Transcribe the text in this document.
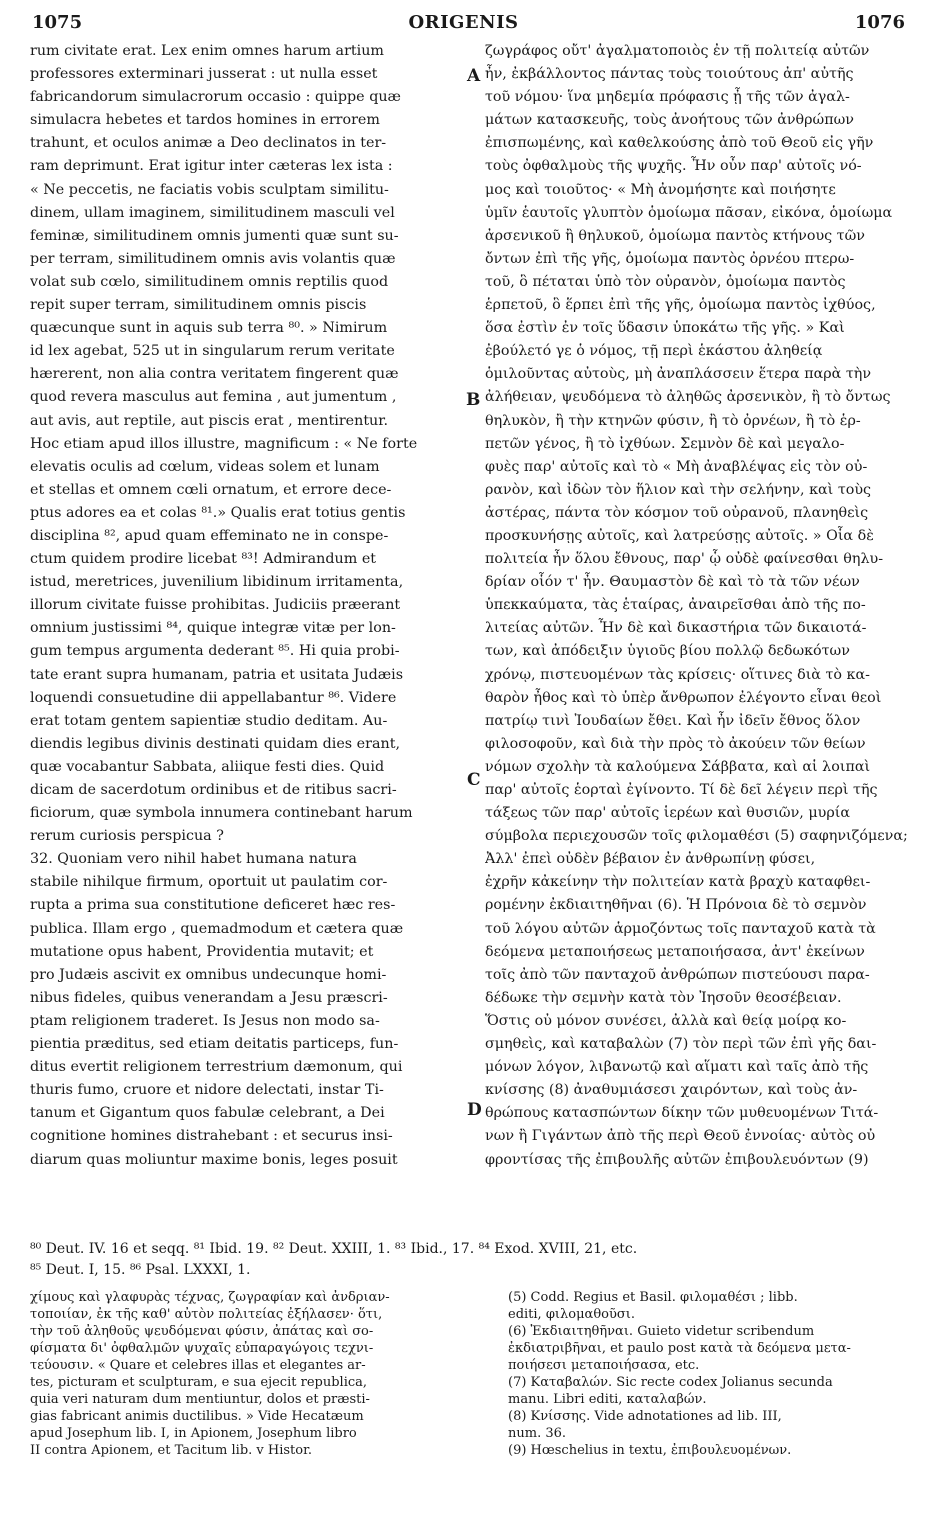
1075	ORIGENIS	1076
rum civitate erat. Lex enim omnes harum artium
professores exterminari jusserat : ut nulla esset
fabricandorum simulacrorum occasio : quippe quæ
simulacra hebetes et tardos homines in errorem
trahunt, et oculos animæ a Deo declinatos in ter-
ram deprimunt. Erat igitur inter cæteras lex ista :
« Ne peccetis, ne faciatis vobis sculptam similitu-
dinem, ullam imaginem, similitudinem masculi vel
feminæ, similitudinem omnis jumenti quæ sunt su-
per terram, similitudinem omnis avis volantis quæ
volat sub cœlo, similitudinem omnis reptilis quod
repit super terram, similitudinem omnis piscis
quæcunque sunt in aquis sub terra ⁸⁰. » Nimirum
id lex agebat, 525 ut in singularum rerum veritate
hærerent, non alia contra veritatem fingerent quæ
quod revera masculus aut femina , aut jumentum ,
aut avis, aut reptile, aut piscis erat , mentirentur.
Hoc etiam apud illos illustre, magnificum : « Ne forte
elevatis oculis ad cœlum, videas solem et lunam
et stellas et omnem cœli ornatum, et errore dece-
ptus adores ea et colas ⁸¹.» Qualis erat totius gentis
disciplina ⁸², apud quam effeminato ne in conspe-
ctum quidem prodire licebat ⁸³! Admirandum et
istud, meretrices, juvenilium libidinum irritamenta,
illorum civitate fuisse prohibitas. Judiciis præerant
omnium justissimi ⁸⁴, quique integræ vitæ per lon-
gum tempus argumenta dederant ⁸⁵. Hi quia probi-
tate erant supra humanam, patria et usitata Judæis
loquendi consuetudine dii appellabantur ⁸⁶. Videre
erat totam gentem sapientiæ studio deditam. Au-
diendis legibus divinis destinati quidam dies erant,
quæ vocabantur Sabbata, aliique festi dies. Quid
dicam de sacerdotum ordinibus et de ritibus sacri-
ficiorum, quæ symbola innumera continebant harum
rerum curiosis perspicua ?
32. Quoniam vero nihil habet humana natura
stabile nihilque firmum, oportuit ut paulatim cor-
rupta a prima sua constitutione deficeret hæc res-
publica. Illam ergo , quemadmodum et cætera quæ
mutatione opus habent, Providentia mutavit; et
pro Judæis ascivit ex omnibus undecunque homi-
nibus fideles, quibus venerandam a Jesu præscri-
ptam religionem traderet. Is Jesus non modo sa-
pientia præditus, sed etiam deitatis particeps, fun-
ditus evertit religionem terrestrium dæmonum, qui
thuris fumo, cruore et nidore delectati, instar Ti-
tanum et Gigantum quos fabulæ celebrant, a Dei
cognitione homines distrahebant : et securus insi-
diarum quas moliuntur maxime bonis, leges posuit
ζωγράφος οὔτ' ἀγαλματοποιὸς ἐν τῇ πολιτείᾳ αὐτῶν
ἦν, ἐκβάλλοντος πάντας τοὺς τοιούτους ἀπ' αὐτῆς
τοῦ νόμου· ἵνα μηδεμία πρόφασις ᾖ τῆς τῶν ἀγαλ-
μάτων κατασκευῆς, τοὺς ἀνοήτους τῶν ἀνθρώπων
ἐπισπωμένης, καὶ καθελκούσης ἀπὸ τοῦ Θεοῦ εἰς γῆν
τοὺς ὀφθαλμοὺς τῆς ψυχῆς. Ἦν οὖν παρ' αὐτοῖς νό-
μος καὶ τοιοῦτος· « Μὴ ἀνομήσητε καὶ ποιήσητε
ὑμῖν ἑαυτοῖς γλυπτὸν ὁμοίωμα πᾶσαν, εἰκόνα, ὁμοίωμα
ἀρσενικοῦ ἢ θηλυκοῦ, ὁμοίωμα παντὸς κτήνους τῶν
ὄντων ἐπὶ τῆς γῆς, ὁμοίωμα παντὸς ὀρνέου πτερω-
τοῦ, ὃ πέταται ὑπὸ τὸν οὐρανὸν, ὁμοίωμα παντὸς
ἑρπετοῦ, ὃ ἕρπει ἐπὶ τῆς γῆς, ὁμοίωμα παντὸς ἰχθύος,
ὅσα ἐστὶν ἐν τοῖς ὕδασιν ὑποκάτω τῆς γῆς. » Καὶ
ἐβούλετό γε ὁ νόμος, τῇ περὶ ἑκάστου ἀληθείᾳ
ὁμιλοῦντας αὐτοὺς, μὴ ἀναπλάσσειν ἕτερα παρὰ τὴν
ἀλήθειαν, ψευδόμενα τὸ ἀληθῶς ἀρσενικὸν, ἢ τὸ ὄντως
θηλυκὸν, ἢ τὴν κτηνῶν φύσιν, ἢ τὸ ὀρνέων, ἢ τὸ ἑρ-
πετῶν γένος, ἢ τὸ ἰχθύων. Σεμνὸν δὲ καὶ μεγαλο-
φυὲς παρ' αὐτοῖς καὶ τὸ « Μὴ ἀναβλέψας εἰς τὸν οὐ-
ρανὸν, καὶ ἰδὼν τὸν ἥλιον καὶ τὴν σελήνην, καὶ τοὺς
ἀστέρας, πάντα τὸν κόσμον τοῦ οὐρανοῦ, πλανηθεὶς
προσκυνήσῃς αὐτοῖς, καὶ λατρεύσῃς αὐτοῖς. » Οἷα δὲ
πολιτεία ἦν ὅλου ἔθνους, παρ' ᾧ οὐδὲ φαίνεσθαι θηλυ-
δρίαν οἷόν τ' ἦν. Θαυμαστὸν δὲ καὶ τὸ τὰ τῶν νέων
ὑπεκκαύματα, τὰς ἑταίρας, ἀναιρεῖσθαι ἀπὸ τῆς πο-
λιτείας αὐτῶν. Ἦν δὲ καὶ δικαστήρια τῶν δικαιοτά-
των, καὶ ἀπόδειξιν ὑγιοῦς βίου πολλῷ δεδωκότων
χρόνῳ, πιστευομένων τὰς κρίσεις· οἵτινες διὰ τὸ κα-
θαρὸν ἦθος καὶ τὸ ὑπὲρ ἄνθρωπον ἐλέγοντο εἶναι θεοὶ
πατρίῳ τινὶ Ἰουδαίων ἔθει. Καὶ ἦν ἰδεῖν ἔθνος ὅλον
φιλοσοφοῦν, καὶ διὰ τὴν πρὸς τὸ ἀκούειν τῶν θείων
νόμων σχολὴν τὰ καλούμενα Σάββατα, καὶ αἱ λοιπαὶ
παρ' αὐτοῖς ἑορταὶ ἐγίνοντο. Τί δὲ δεῖ λέγειν περὶ τῆς
τάξεως τῶν παρ' αὐτοῖς ἱερέων καὶ θυσιῶν, μυρία
σύμβολα περιεχουσῶν τοῖς φιλομαθέσι (5) σαφηνιζόμενα;
Ἀλλ' ἐπεὶ οὐδὲν βέβαιον ἐν ἀνθρωπίνῃ φύσει,
ἐχρῆν κἀκείνην τὴν πολιτείαν κατὰ βραχὺ καταφθει-
ρομένην ἐκδιαιτηθῆναι (6). Ἡ Πρόνοια δὲ τὸ σεμνὸν
τοῦ λόγου αὐτῶν ἁρμοζόντως τοῖς πανταχοῦ κατὰ τὰ
δεόμενα μεταποιήσεως μεταποιήσασα, ἀντ' ἐκείνων
τοῖς ἀπὸ τῶν πανταχοῦ ἀνθρώπων πιστεύουσι παρα-
δέδωκε τὴν σεμνὴν κατὰ τὸν Ἰησοῦν θεοσέβειαν.
Ὅστις οὐ μόνον συνέσει, ἀλλὰ καὶ θείᾳ μοίρᾳ κο-
σμηθεὶς, καὶ καταβαλὼν (7) τὸν περὶ τῶν ἐπὶ γῆς δαι-
μόνων λόγον, λιβανωτῷ καὶ αἵματι καὶ ταῖς ἀπὸ τῆς
κνίσσης (8) ἀναθυμιάσεσι χαιρόντων, καὶ τοὺς ἀν-
θρώπους κατασπώντων δίκην τῶν μυθευομένων Τιτά-
νων ἢ Γιγάντων ἀπὸ τῆς περὶ Θεοῦ ἐννοίας· αὐτὸς οὐ
φροντίσας τῆς ἐπιβουλῆς αὐτῶν ἐπιβουλευόντων (9)
A
B
C
D
⁸⁰ Deut. IV. 16 et seqq. ⁸¹ Ibid. 19. ⁸² Deut. XXIII, 1. ⁸³ Ibid., 17. ⁸⁴ Exod. XVIII, 21, etc.
⁸⁵ Deut. I, 15. ⁸⁶ Psal. LXXXI, 1.
χίμους καὶ γλαφυρὰς τέχνας, ζωγραφίαν καὶ ἀνδριαν-
τοποιίαν, ἐκ τῆς καθ' αὐτὸν πολιτείας ἐξήλασεν· ὅτι,
τὴν τοῦ ἀληθοῦς ψευδόμεναι φύσιν, ἀπάτας καὶ σο-
φίσματα δι' ὀφθαλμῶν ψυχαῖς εὐπαραγώγοις τεχνι-
τεύουσιν. « Quare et celebres illas et elegantes ar-
tes, picturam et sculpturam, e sua ejecit republica,
quia veri naturam dum mentiuntur, dolos et præsti-
gias fabricant animis ductilibus. » Vide Hecatæum
apud Josephum lib. I, in Apionem, Josephum libro
II contra Apionem, et Tacitum lib. v Histor.
(5) Codd. Regius et Basil. φιλομαθέσι ; libb.
editi, φιλομαθοῦσι.
(6) Ἐκδιαιτηθῆναι. Guieto videtur scribendum
ἐκδιατριβῆναι, et paulo post κατὰ τὰ δεόμενα μετα-
ποιήσεσι μεταποιήσασα, etc.
(7) Καταβαλών. Sic recte codex Jolianus secunda
manu. Libri editi, καταλαβών.
(8) Κνίσσης. Vide adnotationes ad lib. III,
num. 36.
(9) Hœschelius in textu, ἐπιβουλευομένων.
